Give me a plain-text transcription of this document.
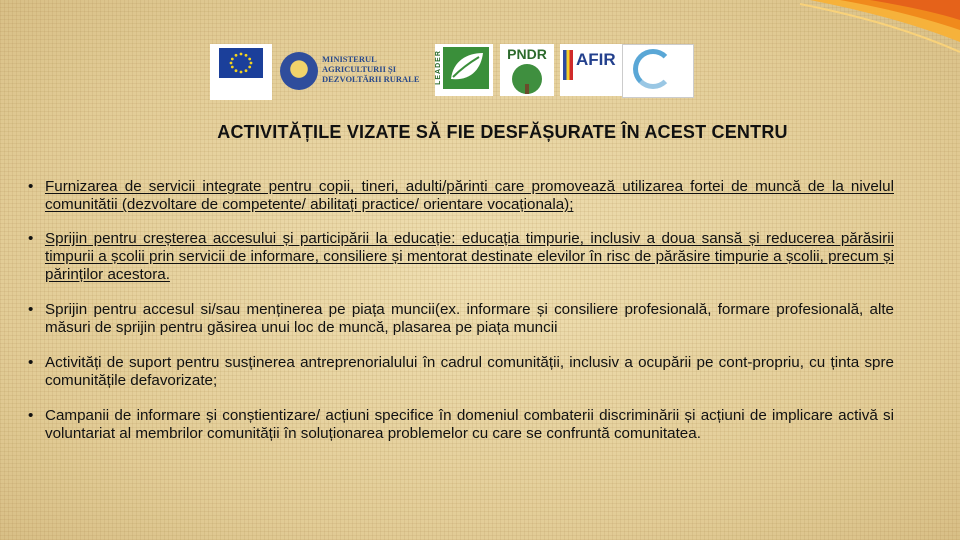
MINISTERUL AGRICULTURII ȘI DEZVOLTĂRII RURALE	LEADER	PNDR	AFIR
ACTIVITĂȚILE VIZATE SĂ FIE DESFĂȘURATE ÎN ACEST CENTRU
• Furnizarea de servicii integrate pentru copii, tineri, adulti/părinti care promovează utilizarea fortei de muncă de la nivelul comunitătii (dezvoltare de competente/ abilitați practice/ orientare vocaționala);
• Sprijin pentru creșterea accesului și participării la educație: educația timpurie, inclusiv a doua sansă și reducerea părăsirii timpurii a școlii prin servicii de informare, consiliere și mentorat destinate elevilor în risc de părăsire timpurie a școlii, precum și părinților acestora.
• Sprijin pentru accesul si/sau menținerea pe piața muncii(ex. informare și consiliere profesională, formare profesională, alte măsuri de sprijin pentru găsirea unui loc de muncă, plasarea pe piața muncii
• Activități de suport pentru susținerea antreprenorialului în cadrul comunității, inclusiv a ocupării pe cont-propriu, cu ținta spre comunitățile defavorizate;
• Campanii de informare și conștientizare/ acțiuni specifice în domeniul combaterii discriminării și acțiuni de implicare activă si voluntariat al membrilor comunității în soluționarea problemelor cu care se confruntă comunitatea.
